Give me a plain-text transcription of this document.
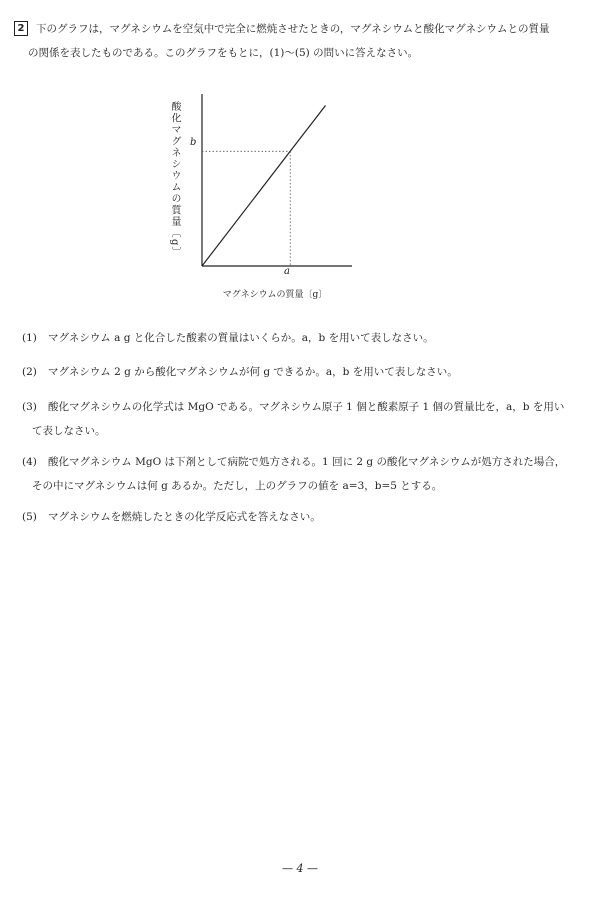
2 下のグラフは，マグネシウムを空気中で完全に燃焼させたときの，マグネシウムと酸化マグネシウムとの質量
の関係を表したものである。このグラフをもとに，(1)～(5) の問いに答えなさい。
酸化マグネシウムの質量〔g〕 b
a
マグネシウムの質量〔g〕
(1) マグネシウム a g と化合した酸素の質量はいくらか。a，b を用いて表しなさい。
(2) マグネシウム 2 g から酸化マグネシウムが何 g できるか。a，b を用いて表しなさい。
(3) 酸化マグネシウムの化学式は MgO である。マグネシウム原子 1 個と酸素原子 1 個の質量比を，a，b を用い
て表しなさい。
(4) 酸化マグネシウム MgO は下剤として病院で処方される。1 回に 2 g の酸化マグネシウムが処方された場合，
その中にマグネシウムは何 g あるか。ただし，上のグラフの値を a=3，b=5 とする。
(5) マグネシウムを燃焼したときの化学反応式を答えなさい。
— 4 —
